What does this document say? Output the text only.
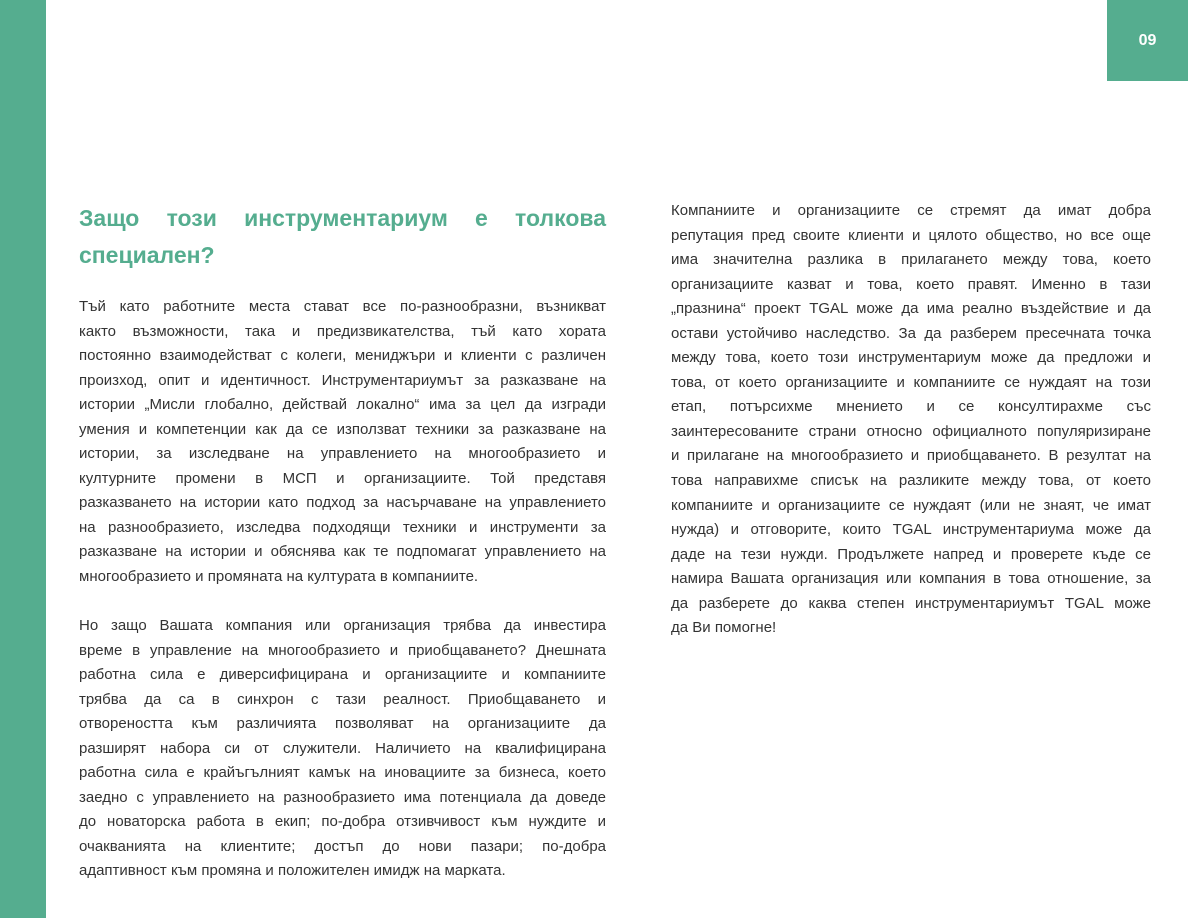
09
Защо този инструментариум е толкова специален?
Тъй като работните места стават все по-разнообразни, възникват
както възможности, така и предизвикателства, тъй като хората
постоянно взаимодействат с колеги, мениджъри и клиенти с различен
произход, опит и идентичност. Инструментариумът за разказване на
истории „Мисли глобално, действай локално“ има за цел да изгради
умения и компетенции как да се използват техники за разказване на
истории, за изследване на управлението на многообразието и
културните промени в МСП и организациите. Той представя
разказването на истории като подход за насърчаване на управлението
на разнообразието, изследва подходящи техники и инструменти за
разказване на истории и обяснява как те подпомагат управлението на
многообразието и промяната на културата в компаниите.
Но защо Вашата компания или организация трябва да инвестира
време в управление на многообразието и приобщаването? Днешната
работна сила е диверсифицирана и организациите и компаниите
трябва да са в синхрон с тази реалност. Приобщаването и
отвореността към различията позволяват на организациите да
разширят набора си от служители. Наличието на квалифицирана
работна сила е крайъгълният камък на иновациите за бизнеса, което
заедно с управлението на разнообразието има потенциала да доведе
до новаторска работа в екип; по-добра отзивчивост към нуждите и
очакванията на клиентите; достъп до нови пазари; по-добра
адаптивност към промяна и положителен имидж на марката.
Компаниите и организациите се стремят да имат добра
репутация пред своите клиенти и цялото общество, но все още
има значителна разлика в прилагането между това, което
организациите казват и това, което правят. Именно в тази
„празнина“ проект TGAL може да има реално въздействие и да
остави устойчиво наследство. За да разберем пресечната точка
между това, което този инструментариум може да предложи и
това, от което организациите и компаниите се нуждаят на този
етап, потърсихме мнението и се консултирахме със
заинтересованите страни относно официалното популяризиране
и прилагане на многообразието и приобщаването. В резултат на
това направихме списък на разликите между това, от което
компаниите и организациите се нуждаят (или не знаят, че имат
нужда) и отговорите, които TGAL инструментариума може да
даде на тези нужди. Продължете напред и проверете къде се
намира Вашата организация или компания в това отношение, за
да разберете до каква степен инструментариумът TGAL може
да Ви помогне!
